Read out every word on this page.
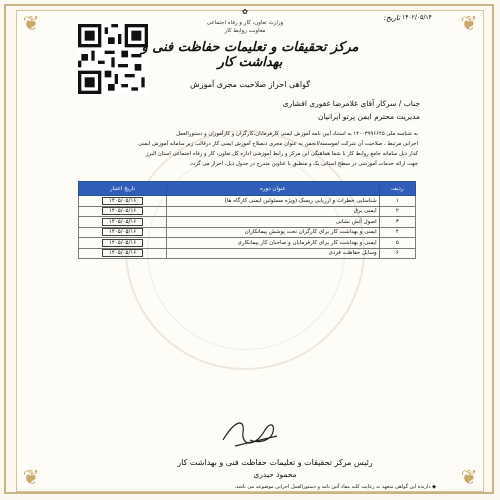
❦	❦
❦	❦
✿
وزارت تعاون، کار و رفاه اجتماعی
معاونت روابط کار
تاریخ: ۱۴۰۲/۰۵/۱۴
مرکز تحقیقات و تعلیمات حفاظت فنی و بهداشت کار
گواهی احراز صلاحیت مجری آموزش
جناب / سرکار آقای غلامرضا غفوری افشاری
مدیریت محترم ایمن پرتو ایرانیان
به شناسه ملی ۱۴۰۰۳۹۹۶۶۴۵ به استناد آیین نامه آموزش ایمنی کارفرمایان،کارگران و کارآموزان و دستورالعمل
اجرایی مرتبط ، صلاحیت آن شرکت /موسسه/انجمن به عنوان مجری ذیصلاح آموزش ایمنی کار درقالب زیر سامانه آموزش ایمنی
کدار ذیل سامانه جامع روابط کار با شما هماهنگی این مرکز و رابط آموزشی اداره کل تعاون، کار و رفاه اجتماعی استان البرز
جهت ارائه خدمات آموزشی در سطح استانی یک و منطبق با عناوین مندرج در جدول ذیل، احراز می گردد.
تاریخ اعتبار	عنوان دوره	ردیف
۱۴۰۵/۰۵/۱۶	شناسایی خطرات و ارزیابی ریسک (ویژه مسئولین ایمنی کارگاه ها)	۱
۱۴۰۵/۰۵/۱۶	ایمنی برق	۲
۱۴۰۵/۰۵/۱۶	اصول آتش نشانی	۳
۱۴۰۵/۰۵/۱۶	ایمنی و بهداشت کار برای کارگران تحت پوشش پیمانکاران	۴
۱۴۰۵/۰۵/۱۶	ایمنی و بهداشت کار برای کارفرمایان و صاحبان کار پیمانکاری	۵
۱۴۰۵/۰۵/۱۶	وسایل حفاظت فردی	۶
رئیس مرکز تحقیقات و تعلیمات حفاظت فنی و بهداشت کار
محمود حیدری
◆ دارنده این گواهی متعهد به رعایت کلیه مفاد آئین نامه و دستورالعمل اجرایی موضوعه می باشد.
